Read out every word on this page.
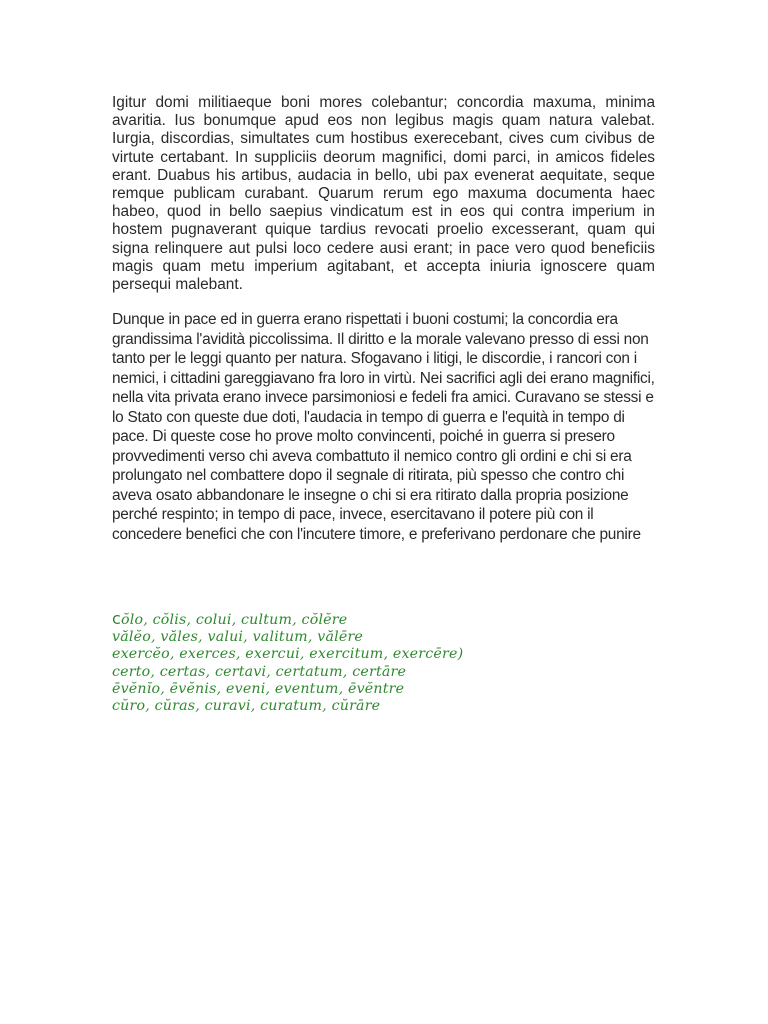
Igitur domi militiaeque boni mores colebantur; concordia maxuma, minima avaritia. Ius bonumque apud eos non legibus magis quam natura valebat. Iurgia, discordias, simultates cum hostibus exerecebant, cives cum civibus de virtute certabant. In suppliciis deorum magnifici, domi parci, in amicos fideles erant. Duabus his artibus, audacia in bello, ubi pax evenerat aequitate, seque remque publicam curabant. Quarum rerum ego maxuma documenta haec habeo, quod in bello saepius vindicatum est in eos qui contra imperium in hostem pugnaverant quique tardius revocati proelio excesserant, quam qui signa relinquere aut pulsi loco cedere ausi erant; in pace vero quod beneficiis magis quam metu imperium agitabant, et accepta iniuria ignoscere quam persequi malebant.

Dunque in pace ed in guerra erano rispettati i buoni costumi; la concordia era grandissima l'avidità piccolissima. Il diritto e la morale valevano presso di essi non tanto per le leggi quanto per natura. Sfogavano i litigi, le discordie, i rancori con i nemici, i cittadini gareggiavano fra loro in virtù. Nei sacrifici agli dei erano magnifici, nella vita privata erano invece parsimoniosi e fedeli fra amici. Curavano se stessi e lo Stato con queste due doti, l'audacia in tempo di guerra e l'equità in tempo di pace. Di queste cose ho prove molto convincenti, poiché in guerra si presero provvedimenti verso chi aveva combattuto il nemico contro gli ordini e chi si era prolungato nel combattere dopo il segnale di ritirata, più spesso che contro chi aveva osato abbandonare le insegne o chi si era ritirato dalla propria posizione perché respinto; in tempo di pace, invece, esercitavano il potere più con il concedere benefici che con l'incutere timore, e preferivano perdonare che punire

cŏlo, cŏlis, colui, cultum, cŏlĕre
vălĕo, văles, valui, valitum, vălēre
exercĕo, exerces, exercui, exercitum, exercēre)
certo, certas, certavi, certatum, certāre
ēvĕnĭo, ēvĕnis, eveni, eventum, ēvĕntre
cŭro, cŭras, curavi, curatum, cŭrāre
